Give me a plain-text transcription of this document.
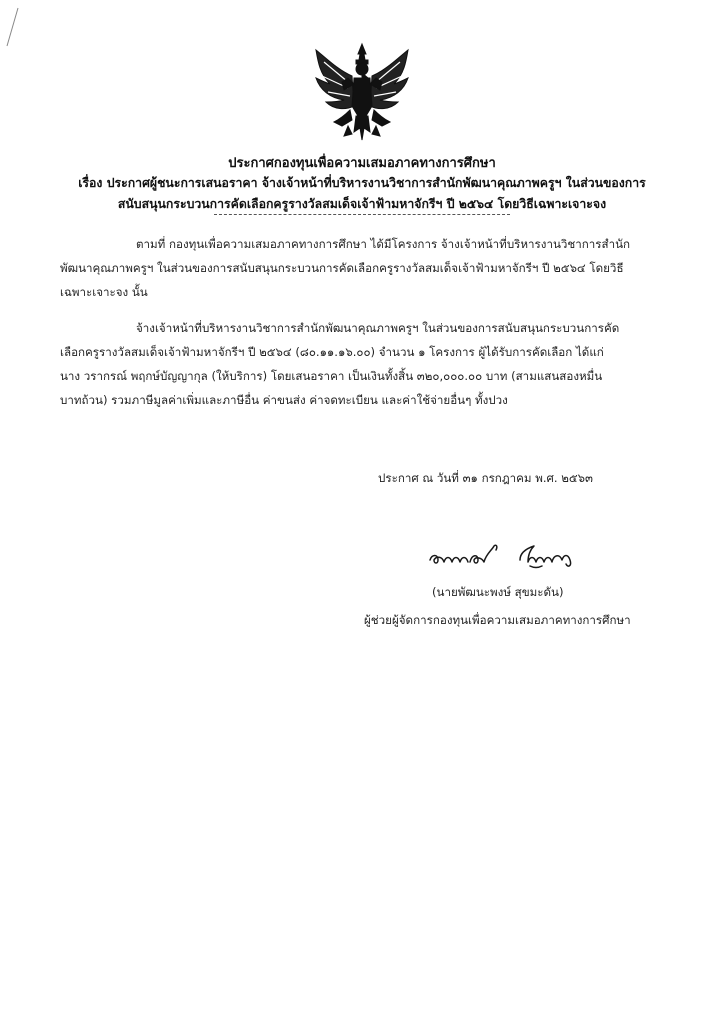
ประกาศกองทุนเพื่อความเสมอภาคทางการศึกษา
เรื่อง ประกาศผู้ชนะการเสนอราคา จ้างเจ้าหน้าที่บริหารงานวิชาการสำนักพัฒนาคุณภาพครูฯ ในส่วนของการ
สนับสนุนกระบวนการคัดเลือกครูรางวัลสมเด็จเจ้าฟ้ามหาจักรีฯ ปี ๒๕๖๔ โดยวิธีเฉพาะเจาะจง
ตามที่ กองทุนเพื่อความเสมอภาคทางการศึกษา ได้มีโครงการ จ้างเจ้าหน้าที่บริหารงานวิชาการสำนัก
พัฒนาคุณภาพครูฯ ในส่วนของการสนับสนุนกระบวนการคัดเลือกครูรางวัลสมเด็จเจ้าฟ้ามหาจักรีฯ ปี ๒๕๖๔ โดยวิธี
เฉพาะเจาะจง นั้น
จ้างเจ้าหน้าที่บริหารงานวิชาการสำนักพัฒนาคุณภาพครูฯ ในส่วนของการสนับสนุนกระบวนการคัด
เลือกครูรางวัลสมเด็จเจ้าฟ้ามหาจักรีฯ ปี ๒๕๖๔ (๘๐.๑๑.๑๖.๐๐) จำนวน ๑ โครงการ ผู้ได้รับการคัดเลือก ได้แก่
นาง วรากรณ์ พฤกษ์บัญญากุล (ให้บริการ) โดยเสนอราคา เป็นเงินทั้งสิ้น ๓๒๐,๐๐๐.๐๐ บาท (สามแสนสองหมื่น
บาทถ้วน) รวมภาษีมูลค่าเพิ่มและภาษีอื่น ค่าขนส่ง ค่าจดทะเบียน และค่าใช้จ่ายอื่นๆ ทั้งปวง
ประกาศ ณ วันที่ ๓๑ กรกฎาคม พ.ศ. ๒๕๖๓
(นายพัฒนะพงษ์ สุขมะดัน)
ผู้ช่วยผู้จัดการกองทุนเพื่อความเสมอภาคทางการศึกษา
